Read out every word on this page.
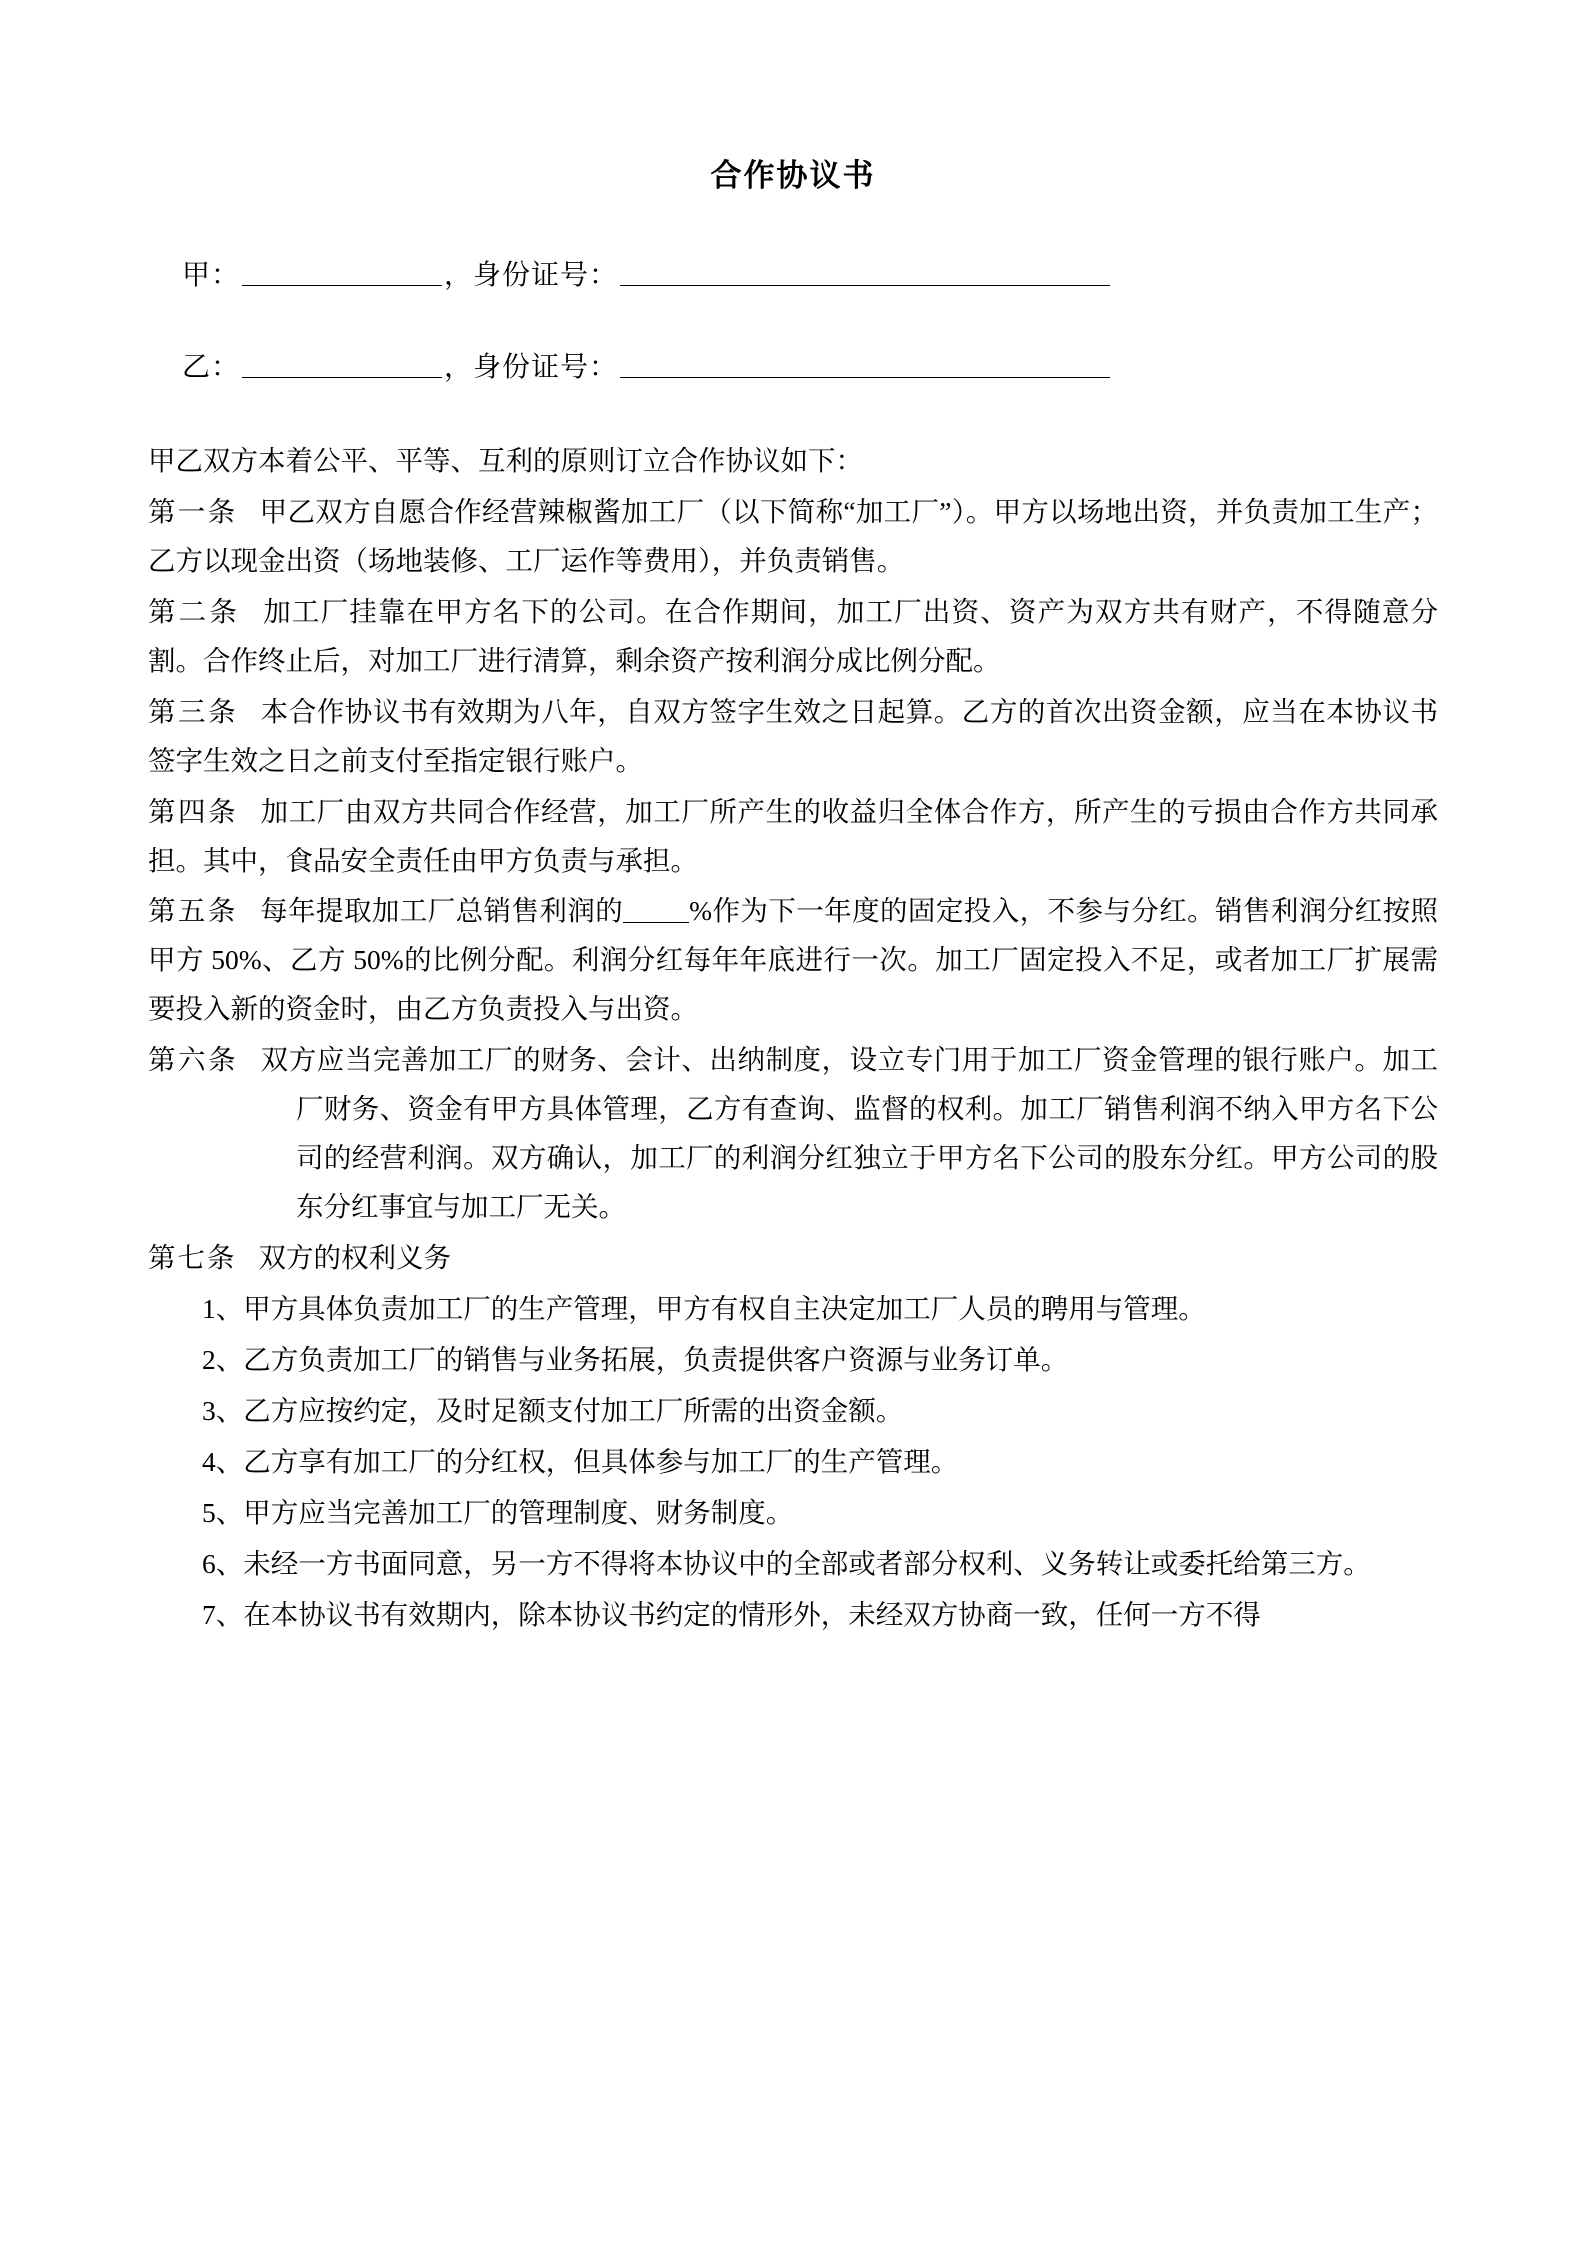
合作协议书

甲：	，身份证号：

乙：	，身份证号：

甲乙双方本着公平、平等、互利的原则订立合作协议如下：

第一条 甲乙双方自愿合作经营辣椒酱加工厂（以下简称“加工厂”）。甲方以场地出资，并负责加工生产；乙方以现金出资（场地装修、工厂运作等费用），并负责销售。

第二条 加工厂挂靠在甲方名下的公司。在合作期间，加工厂出资、资产为双方共有财产，不得随意分割。合作终止后，对加工厂进行清算，剩余资产按利润分成比例分配。

第三条 本合作协议书有效期为八年，自双方签字生效之日起算。乙方的首次出资金额，应当在本协议书签字生效之日之前支付至指定银行账户。

第四条 加工厂由双方共同合作经营，加工厂所产生的收益归全体合作方，所产生的亏损由合作方共同承担。其中，食品安全责任由甲方负责与承担。

第五条 每年提取加工厂总销售利润的 %作为下一年度的固定投入，不参与分红。销售利润分红按照甲方 50%、乙方 50%的比例分配。利润分红每年年底进行一次。加工厂固定投入不足，或者加工厂扩展需要投入新的资金时，由乙方负责投入与出资。

第六条 双方应当完善加工厂的财务、会计、出纳制度，设立专门用于加工厂资金管理的银行账户。加工厂财务、资金有甲方具体管理，乙方有查询、监督的权利。加工厂销售利润不纳入甲方名下公司的经营利润。双方确认，加工厂的利润分红独立于甲方名下公司的股东分红。甲方公司的股东分红事宜与加工厂无关。

第七条 双方的权利义务

1、甲方具体负责加工厂的生产管理，甲方有权自主决定加工厂人员的聘用与管理。

2、乙方负责加工厂的销售与业务拓展，负责提供客户资源与业务订单。

3、乙方应按约定，及时足额支付加工厂所需的出资金额。

4、乙方享有加工厂的分红权，但具体参与加工厂的生产管理。

5、甲方应当完善加工厂的管理制度、财务制度。

6、未经一方书面同意，另一方不得将本协议中的全部或者部分权利、义务转让或委托给第三方。

7、在本协议书有效期内，除本协议书约定的情形外，未经双方协商一致，任何一方不得
